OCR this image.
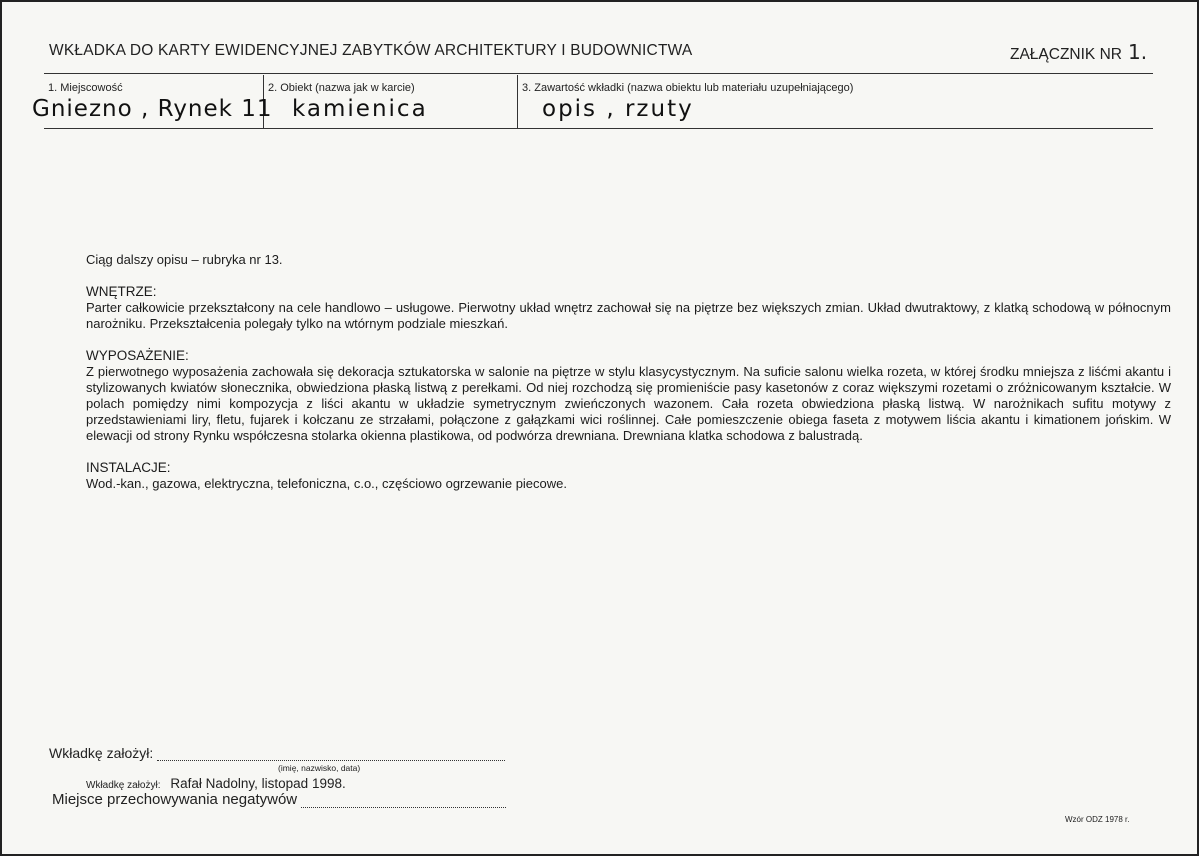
WKŁADKA DO KARTY EWIDENCYJNEJ ZABYTKÓW ARCHITEKTURY I BUDOWNICTWA	ZAŁĄCZNIK NR 1.
1. Miejscowość
Gniezno , Rynek 11
2. Obiekt (nazwa jak w karcie)
kamienica
3. Zawartość wkładki (nazwa obiektu lub materiału uzupełniającego)
opis , rzuty

Ciąg dalszy opisu – rubryka nr 13.

WNĘTRZE:

Parter całkowicie przekształcony na cele handlowo – usługowe. Pierwotny układ wnętrz zachował się na piętrze bez większych zmian. Układ dwutraktowy, z klatką schodową w północnym narożniku. Przekształcenia polegały tylko na wtórnym podziale mieszkań.

WYPOSAŻENIE:

Z pierwotnego wyposażenia zachowała się dekoracja sztukatorska w salonie na piętrze w stylu klasycystycznym. Na suficie salonu wielka rozeta, w której środku mniejsza z liśćmi akantu i stylizowanych kwiatów słonecznika, obwiedziona płaską listwą z perełkami. Od niej rozchodzą się promieniście pasy kasetonów z coraz większymi rozetami o zróżnicowanym kształcie. W polach pomiędzy nimi kompozycja z liści akantu w układzie symetrycznym zwieńczonych wazonem. Cała rozeta obwiedziona płaską listwą. W narożnikach sufitu motywy z przedstawieniami liry, fletu, fujarek i kołczanu ze strzałami, połączone z gałązkami wici roślinnej. Całe pomieszczenie obiega faseta z motywem liścia akantu i kimationem jońskim. W elewacji od strony Rynku współczesna stolarka okienna plastikowa, od podwórza drewniana. Drewniana klatka schodowa z balustradą.

INSTALACJE:

Wod.-kan., gazowa, elektryczna, telefoniczna, c.o., częściowo ogrzewanie piecowe.

Wkładkę założył:
(imię, nazwisko, data)
Wkładkę założył: Rafał Nadolny, listopad 1998.
Miejsce przechowywania negatywów
Wzór ODZ 1978 r.
